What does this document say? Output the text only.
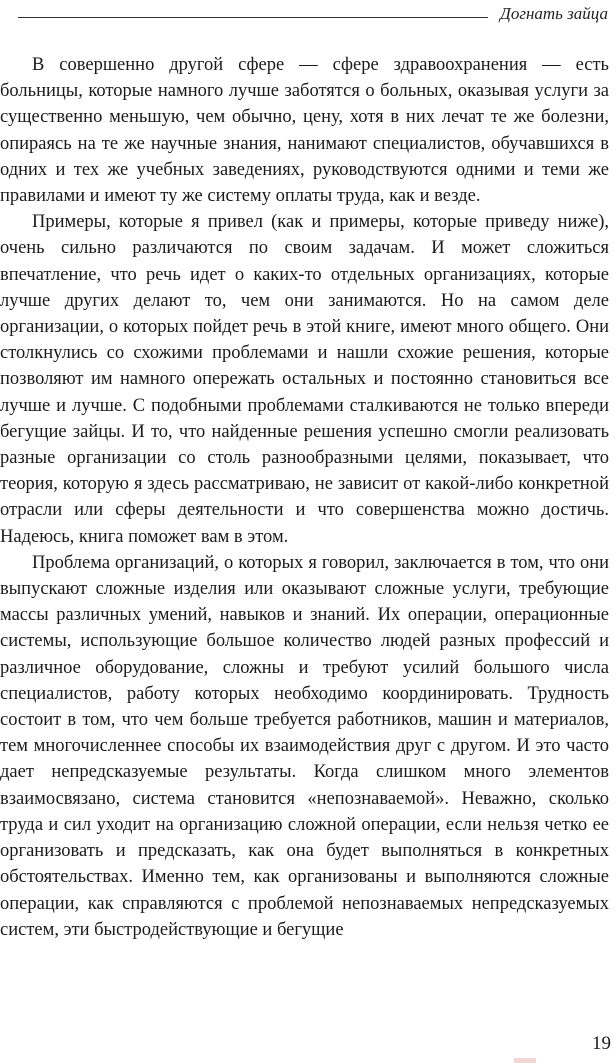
Догнать зайца

В совершенно другой сфере — сфере здравоохранения — есть больницы, которые намного лучше заботятся о больных, оказывая услуги за существенно меньшую, чем обычно, цену, хотя в них лечат те же болезни, опираясь на те же научные знания, нанимают специалистов, обучавшихся в одних и тех же учебных заведениях, руководствуются одними и теми же правилами и имеют ту же систему оплаты труда, как и везде.

Примеры, которые я привел (как и примеры, которые приведу ниже), очень сильно различаются по своим задачам. И может сложиться впечатление, что речь идет о каких-то отдельных организациях, которые лучше других делают то, чем они занимаются. Но на самом деле организации, о которых пойдет речь в этой книге, имеют много общего. Они столкнулись со схожими проблемами и нашли схожие решения, которые позволяют им намного опережать остальных и постоянно становиться все лучше и лучше. С подобными проблемами сталкиваются не только впереди бегущие зайцы. И то, что найденные решения успешно смогли реализовать разные организации со столь разнообразными целями, показывает, что теория, которую я здесь рассматриваю, не зависит от какой-либо конкретной отрасли или сферы деятельности и что совершенства можно достичь. Надеюсь, книга поможет вам в этом.

Проблема организаций, о которых я говорил, заключается в том, что они выпускают сложные изделия или оказывают сложные услуги, требующие массы различных умений, навыков и знаний. Их операции, операционные системы, использующие большое количество людей разных профессий и различное оборудование, сложны и требуют усилий большого числа специалистов, работу которых необходимо координировать. Трудность состоит в том, что чем больше требуется работников, машин и материалов, тем многочисленнее способы их взаимодействия друг с другом. И это часто дает непредсказуемые результаты. Когда слишком много элементов взаимосвязано, система становится «непознаваемой». Неважно, сколько труда и сил уходит на организацию сложной операции, если нельзя четко ее организовать и предсказать, как она будет выполняться в конкретных обстоятельствах. Именно тем, как организованы и выполняются сложные операции, как справляются с проблемой непознаваемых непредсказуемых систем, эти быстродействующие и бегущие

19
